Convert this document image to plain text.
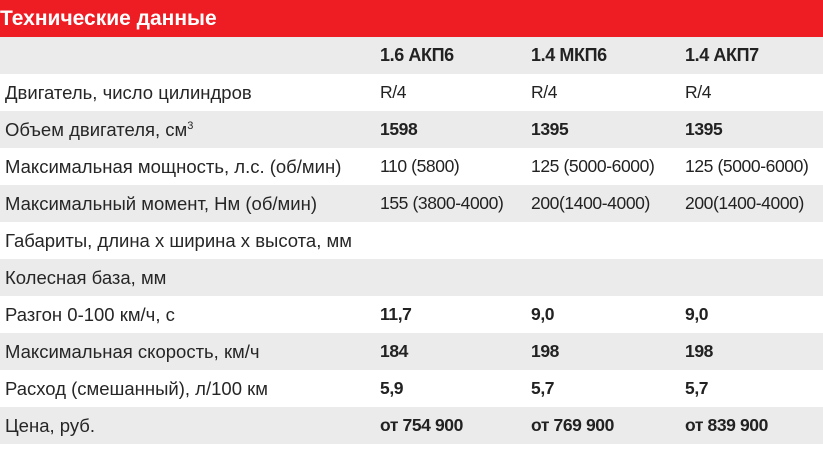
Технические данные			
	1.6 АКП6	1.4 МКП6	1.4 АКП7
Двигатель, число цилиндров	R/4	R/4	R/4
Объем двигателя, $см^3$	1598	1395	1395
Максимальная мощность, л.с. (об/мин)	110 (5800)	125 (5000-6000)	125 (5000-6000)
Максимальный момент, Нм (об/мин)	155 (3800-4000)	200(1400-4000)	200(1400-4000)
Габариты, длина х ширина х высота, мм			
Колесная база, мм			
Разгон 0-100 км/ч, с	11,7	9,0	9,0
Максимальная скорость, км/ч	184	198	198
Расход (смешанный), л/100 км	5,9	5,7	5,7
Цена, руб.	от 754 900	от 769 900	от 839 900
